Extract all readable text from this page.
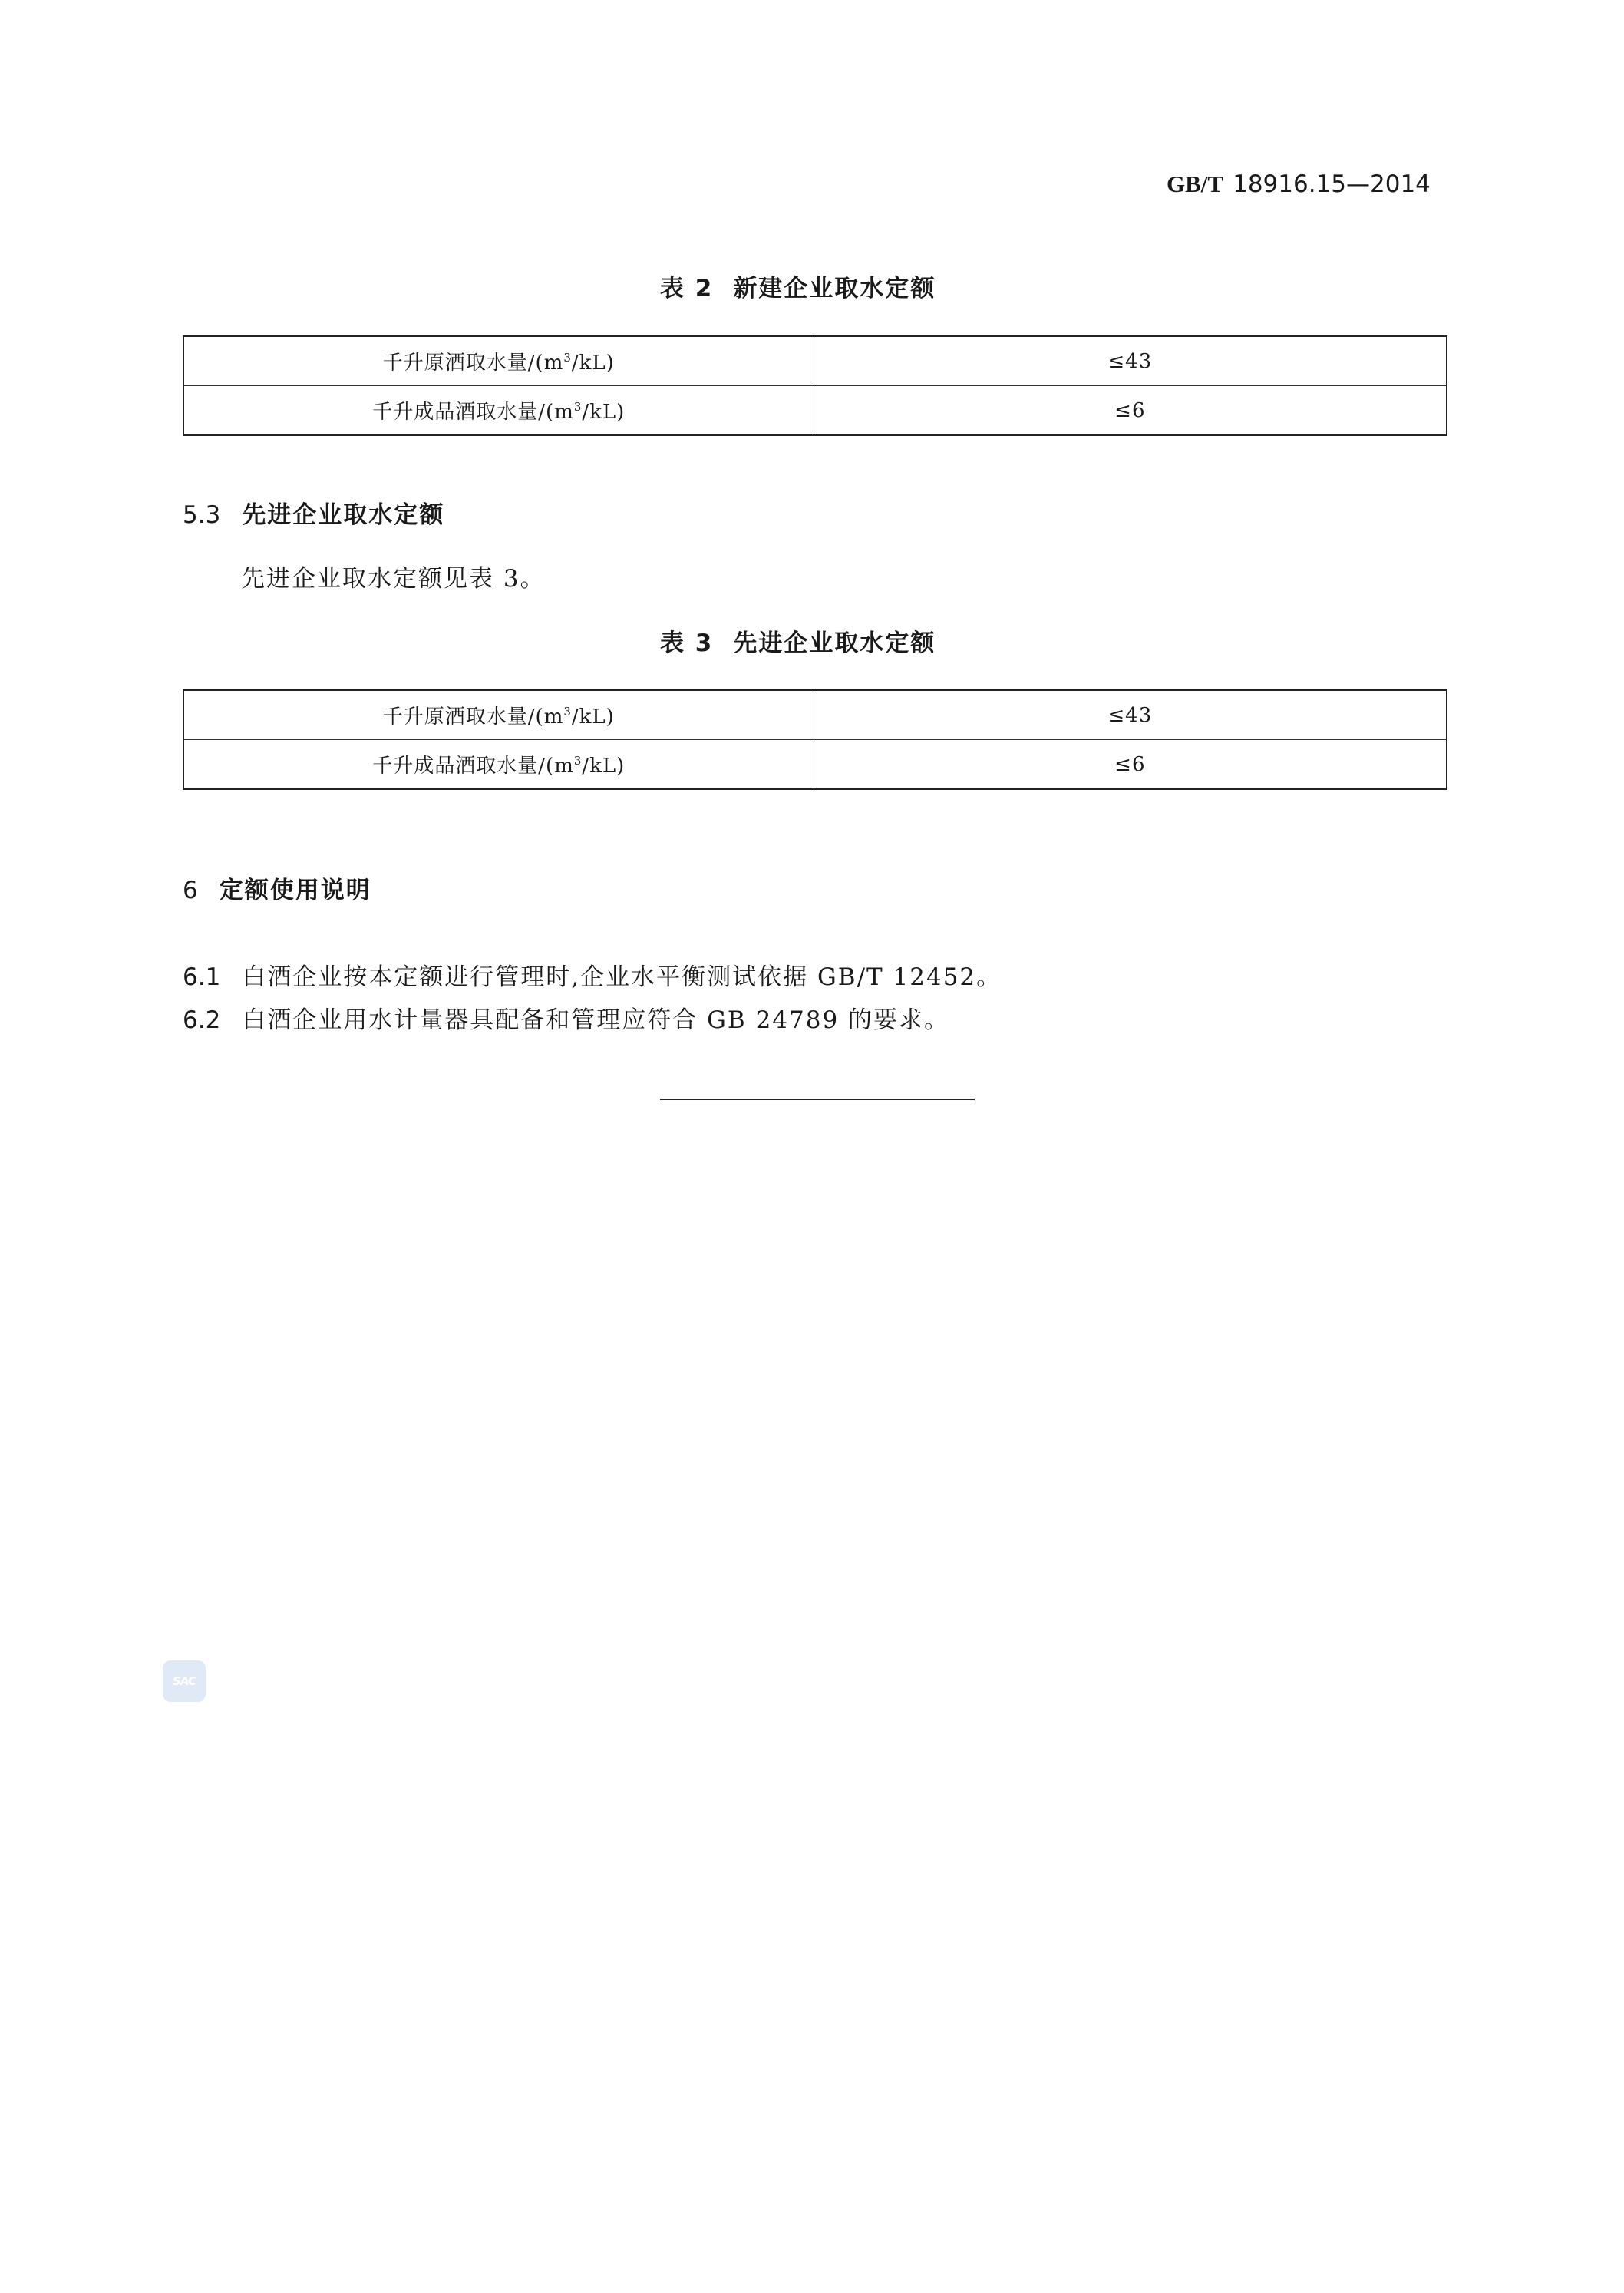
GB/T 18916.15—2014
表 2 新建企业取水定额
千升原酒取水量$/(m^3/kL)$	≤43
千升成品酒取水量$/(m^3/kL)$	≤6
5.3 先进企业取水定额
先进企业取水定额见表 3。
表 3 先进企业取水定额
千升原酒取水量$/(m^3/kL)$	≤43
千升成品酒取水量$/(m^3/kL)$	≤6
6 定额使用说明
6.1 白酒企业按本定额进行管理时,企业水平衡测试依据 GB/T 12452。
6.2 白酒企业用水计量器具配备和管理应符合 GB 24789 的要求。
SAC
